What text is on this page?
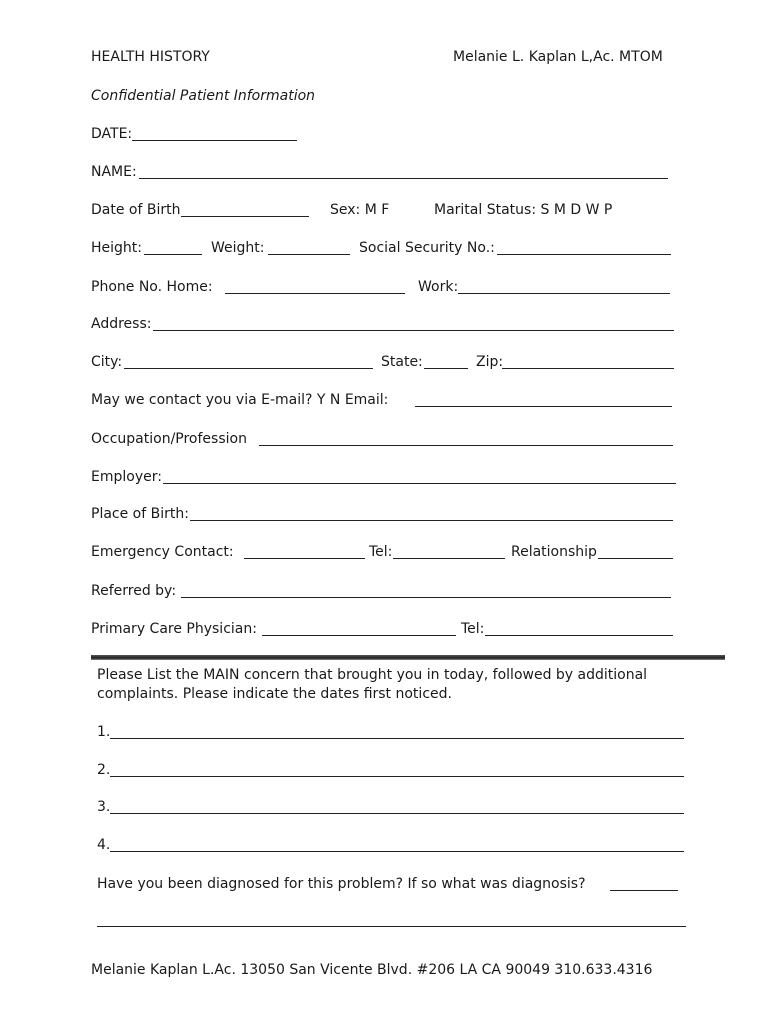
HEALTH HISTORY	Melanie L. Kaplan L,Ac. MTOM
Confidential Patient Information
DATE:
NAME:
Date of Birth	Sex: M F	Marital Status: S M D W P
Height:	Weight:	Social Security No.:
Phone No. Home:	Work:
Address:
City:	State:	Zip:
May we contact you via E-mail? Y N Email:
Occupation/Profession
Employer:
Place of Birth:
Emergency Contact:	Tel:	Relationship
Referred by:
Primary Care Physician:	Tel:
Please List the MAIN concern that brought you in today, followed by additional
complaints. Please indicate the dates first noticed.
1.
2.
3.
4.
Have you been diagnosed for this problem? If so what was diagnosis?
Melanie Kaplan L.Ac. 13050 San Vicente Blvd. #206 LA CA 90049 310.633.4316
